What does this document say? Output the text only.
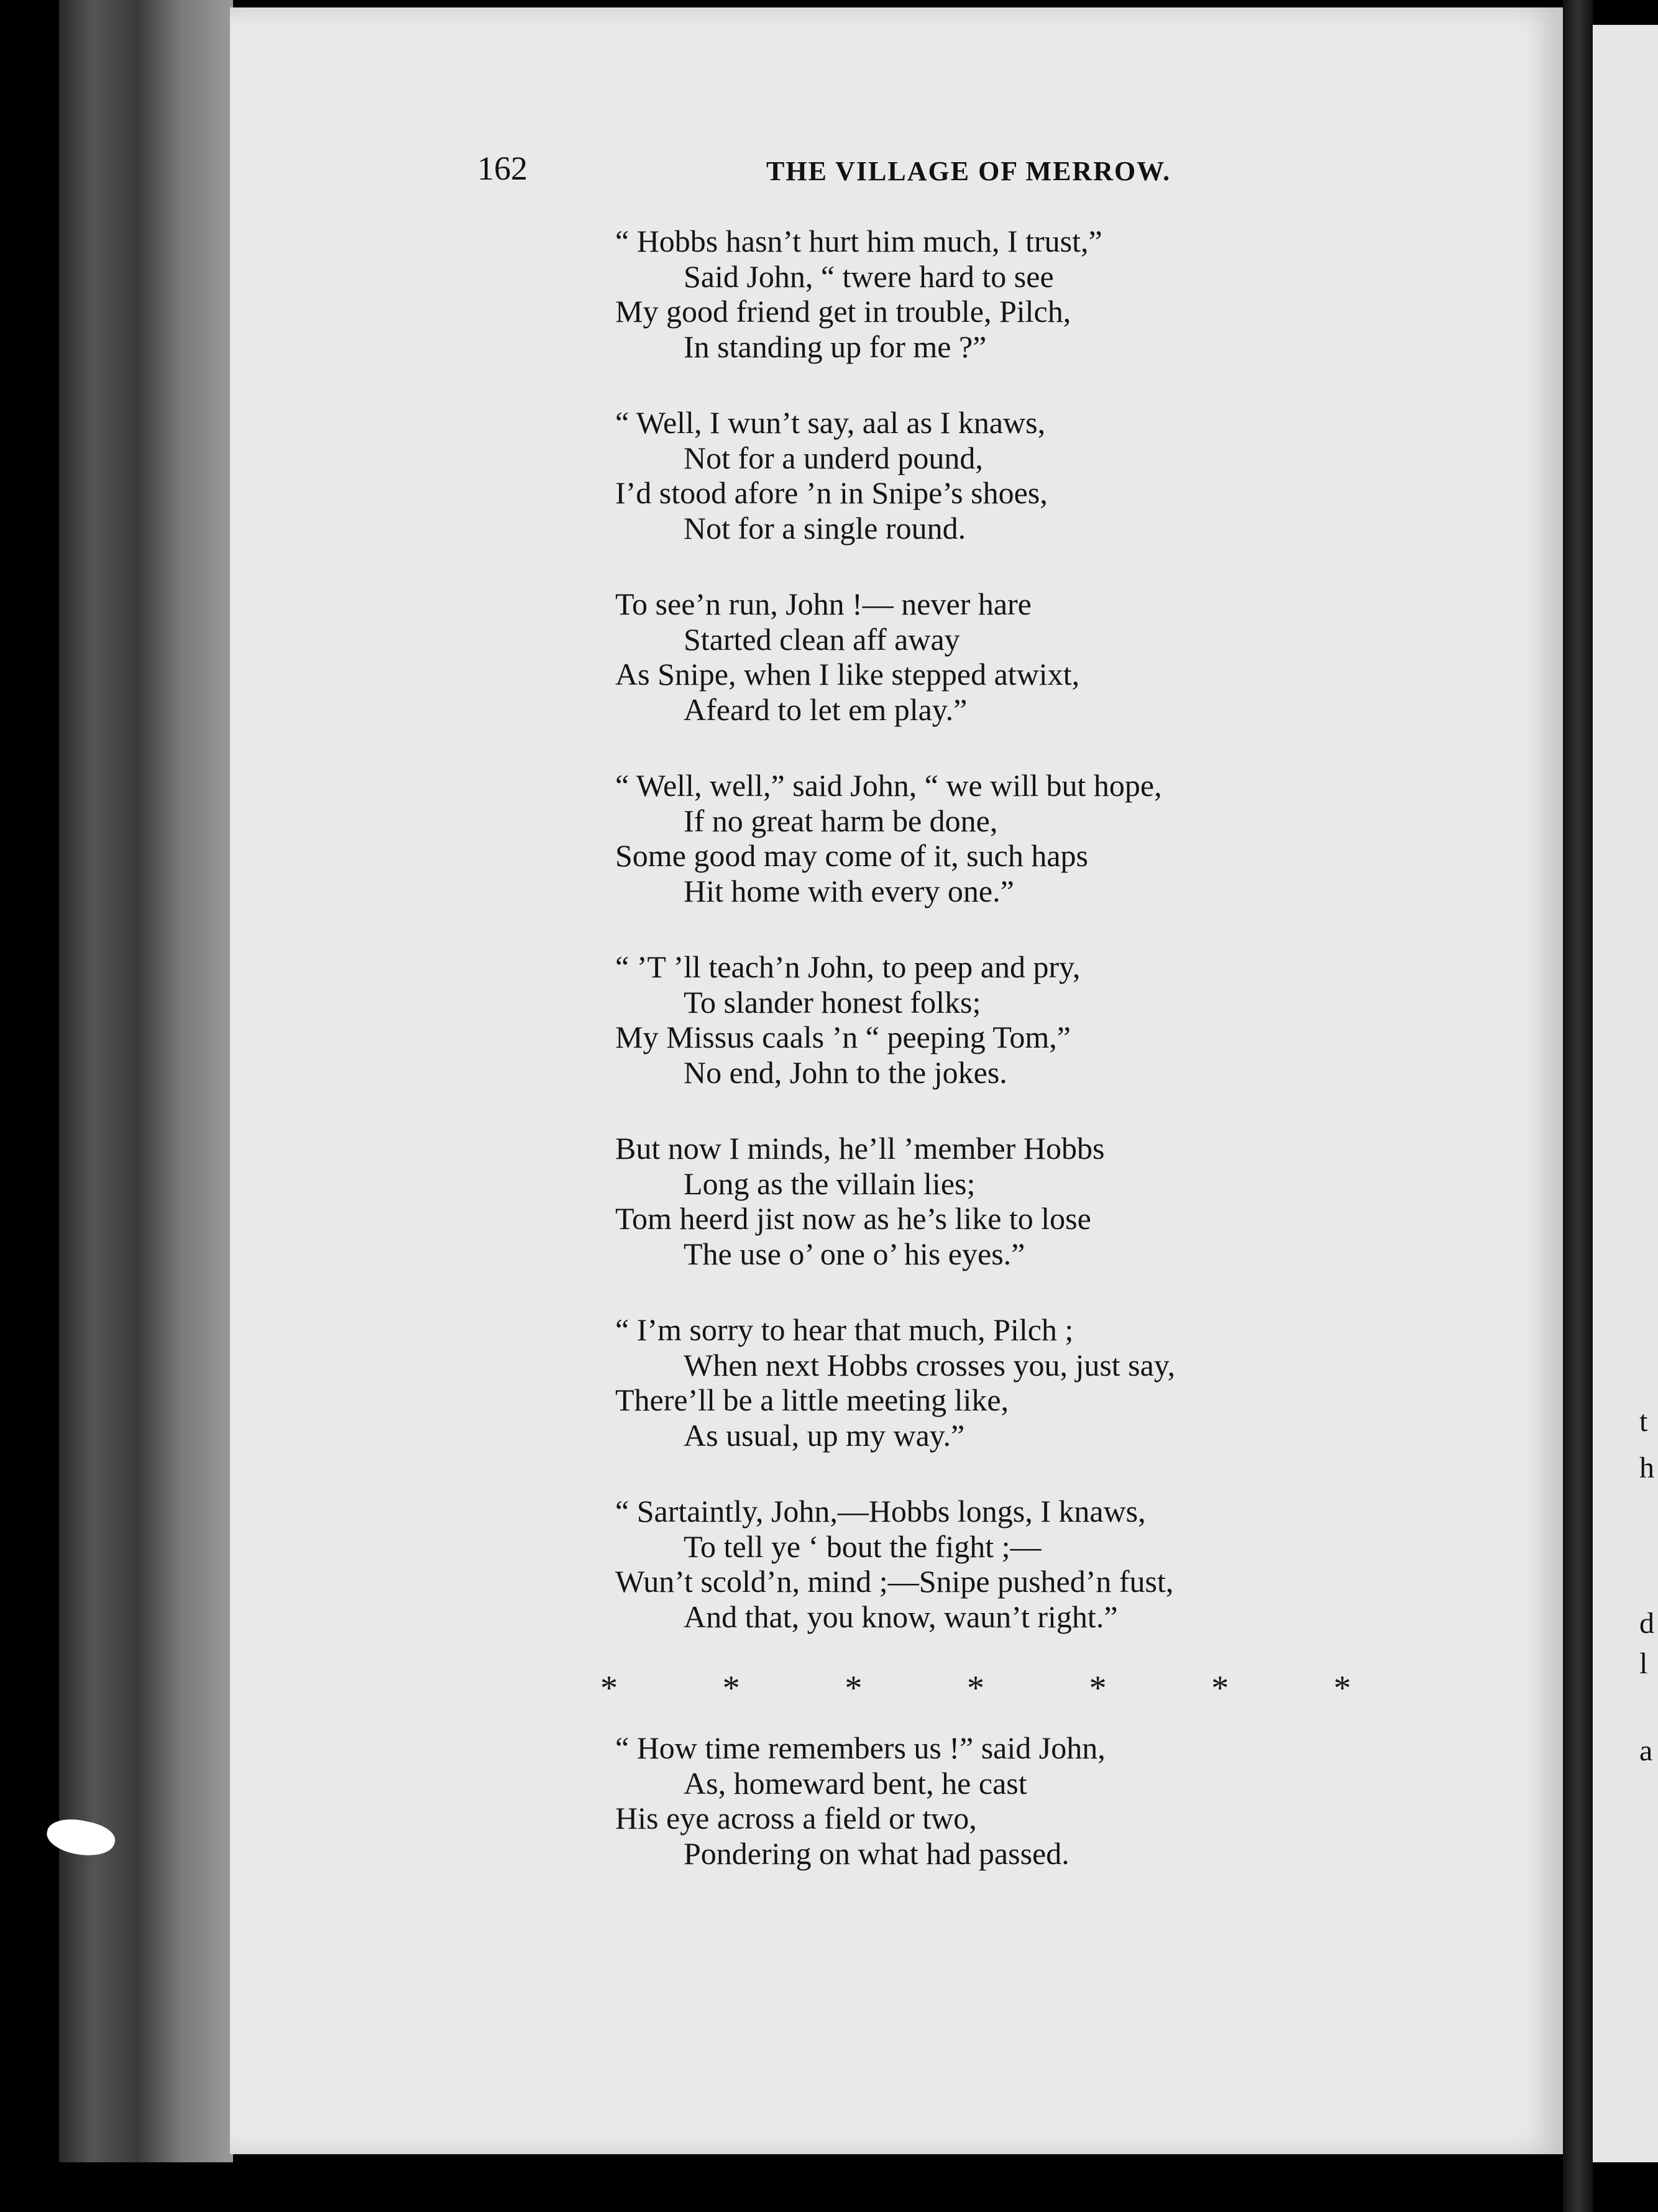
162	THE VILLAGE OF MERROW.
“ Hobbs hasn’t hurt him much, I trust,”
Said John, “ twere hard to see
My good friend get in trouble, Pilch,
In standing up for me ?”
“ Well, I wun’t say, aal as I knaws,
Not for a underd pound,
I’d stood afore ’n in Snipe’s shoes,
Not for a single round.
To see’n run, John !— never hare
Started clean aff away
As Snipe, when I like stepped atwixt,
Afeard to let em play.”
“ Well, well,” said John, “ we will but hope,
If no great harm be done,
Some good may come of it, such haps
Hit home with every one.”
“ ’T ’ll teach’n John, to peep and pry,
To slander honest folks;
My Missus caals ’n “ peeping Tom,”
No end, John to the jokes.
But now I minds, he’ll ’member Hobbs
Long as the villain lies;
Tom heerd jist now as he’s like to lose
The use o’ one o’ his eyes.”
“ I’m sorry to hear that much, Pilch ;
When next Hobbs crosses you, just say,
There’ll be a little meeting like,
As usual, up my way.”
“ Sartaintly, John,—Hobbs longs, I knaws,
To tell ye ‘ bout the fight ;—
Wun’t scold’n, mind ;—Snipe pushed’n fust,
And that, you know, waun’t right.”
*	*	*	*	*	*	*
“ How time remembers us !” said John,
As, homeward bent, he cast
His eye across a field or two,
Pondering on what had passed.
t
h
d
l
a
